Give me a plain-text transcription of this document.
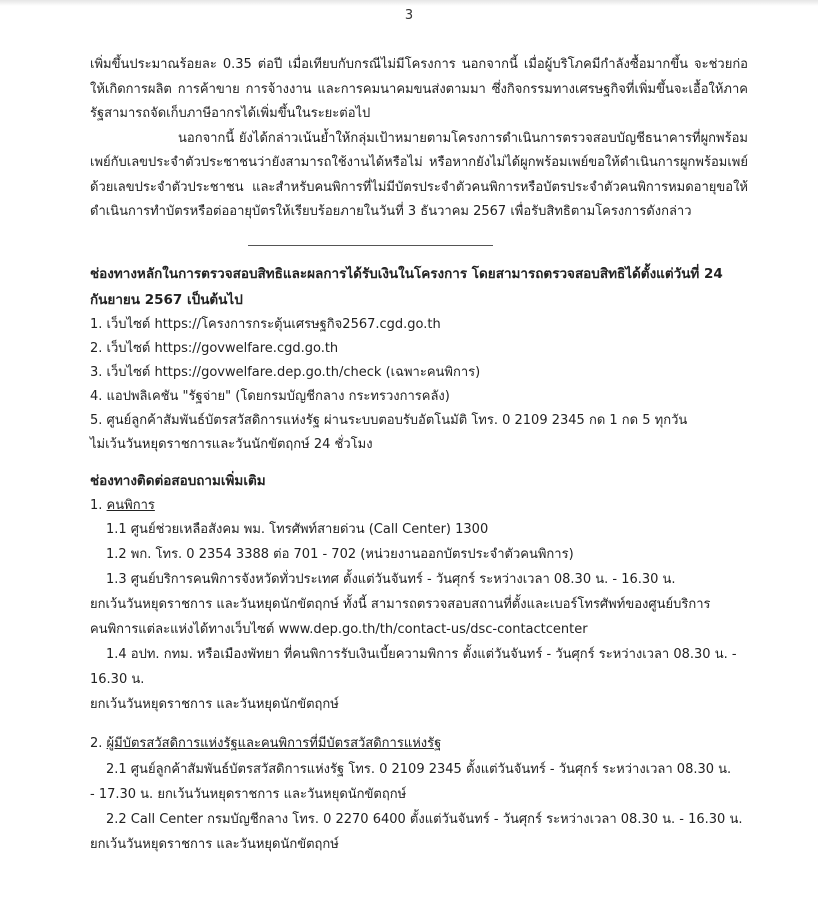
3

เพิ่มขึ้นประมาณร้อยละ 0.35 ต่อปี เมื่อเทียบกับกรณีไม่มีโครงการ นอกจากนี้ เมื่อผู้บริโภคมีกำลังซื้อมากขึ้น จะช่วยก่อให้เกิดการผลิต การค้าขาย การจ้างงาน และการคมนาคมขนส่งตามมา ซึ่งกิจกรรมทางเศรษฐกิจที่เพิ่มขึ้นจะเอื้อให้ภาครัฐสามารถจัดเก็บภาษีอากรได้เพิ่มขึ้นในระยะต่อไป

นอกจากนี้ ยังได้กล่าวเน้นย้ำให้กลุ่มเป้าหมายตามโครงการดำเนินการตรวจสอบบัญชีธนาคารที่ผูกพร้อมเพย์กับเลขประจำตัวประชาชนว่ายังสามารถใช้งานได้หรือไม่ หรือหากยังไม่ได้ผูกพร้อมเพย์ขอให้ดำเนินการผูกพร้อมเพย์ด้วยเลขประจำตัวประชาชน และสำหรับคนพิการที่ไม่มีบัตรประจำตัวคนพิการหรือบัตรประจำตัวคนพิการหมดอายุขอให้ดำเนินการทำบัตรหรือต่ออายุบัตรให้เรียบร้อยภายในวันที่ 3 ธันวาคม 2567 เพื่อรับสิทธิตามโครงการดังกล่าว

ช่องทางหลักในการตรวจสอบสิทธิและผลการได้รับเงินในโครงการ โดยสามารถตรวจสอบสิทธิได้ตั้งแต่วันที่ 24
กันยายน 2567 เป็นต้นไป

1. เว็บไซต์ https://โครงการกระตุ้นเศรษฐกิจ2567.cgd.go.th

2. เว็บไซต์ https://govwelfare.cgd.go.th

3. เว็บไซต์ https://govwelfare.dep.go.th/check (เฉพาะคนพิการ)

4. แอปพลิเคชัน "รัฐจ่าย" (โดยกรมบัญชีกลาง กระทรวงการคลัง)

5. ศูนย์ลูกค้าสัมพันธ์บัตรสวัสดิการแห่งรัฐ ผ่านระบบตอบรับอัตโนมัติ โทร. 0 2109 2345 กด 1 กด 5 ทุกวัน
ไม่เว้นวันหยุดราชการและวันนักขัตฤกษ์ 24 ชั่วโมง

ช่องทางติดต่อสอบถามเพิ่มเติม

1. คนพิการ

1.1 ศูนย์ช่วยเหลือสังคม พม. โทรศัพท์สายด่วน (Call Center) 1300

1.2 พก. โทร. 0 2354 3388 ต่อ 701 - 702 (หน่วยงานออกบัตรประจำตัวคนพิการ)

1.3 ศูนย์บริการคนพิการจังหวัดทั่วประเทศ ตั้งแต่วันจันทร์ - วันศุกร์ ระหว่างเวลา 08.30 น. - 16.30 น.
ยกเว้นวันหยุดราชการ และวันหยุดนักขัตฤกษ์ ทั้งนี้ สามารถตรวจสอบสถานที่ตั้งและเบอร์โทรศัพท์ของศูนย์บริการ
คนพิการแต่ละแห่งได้ทางเว็บไซต์ www.dep.go.th/th/contact-us/dsc-contactcenter

1.4 อปท. กทม. หรือเมืองพัทยา ที่คนพิการรับเงินเบี้ยความพิการ ตั้งแต่วันจันทร์ - วันศุกร์ ระหว่างเวลา 08.30 น. - 16.30 น.
ยกเว้นวันหยุดราชการ และวันหยุดนักขัตฤกษ์

2. ผู้มีบัตรสวัสดิการแห่งรัฐและคนพิการที่มีบัตรสวัสดิการแห่งรัฐ

2.1 ศูนย์ลูกค้าสัมพันธ์บัตรสวัสดิการแห่งรัฐ โทร. 0 2109 2345 ตั้งแต่วันจันทร์ - วันศุกร์ ระหว่างเวลา 08.30 น.
- 17.30 น. ยกเว้นวันหยุดราชการ และวันหยุดนักขัตฤกษ์

2.2 Call Center กรมบัญชีกลาง โทร. 0 2270 6400 ตั้งแต่วันจันทร์ - วันศุกร์ ระหว่างเวลา 08.30 น. - 16.30 น.
ยกเว้นวันหยุดราชการ และวันหยุดนักขัตฤกษ์
